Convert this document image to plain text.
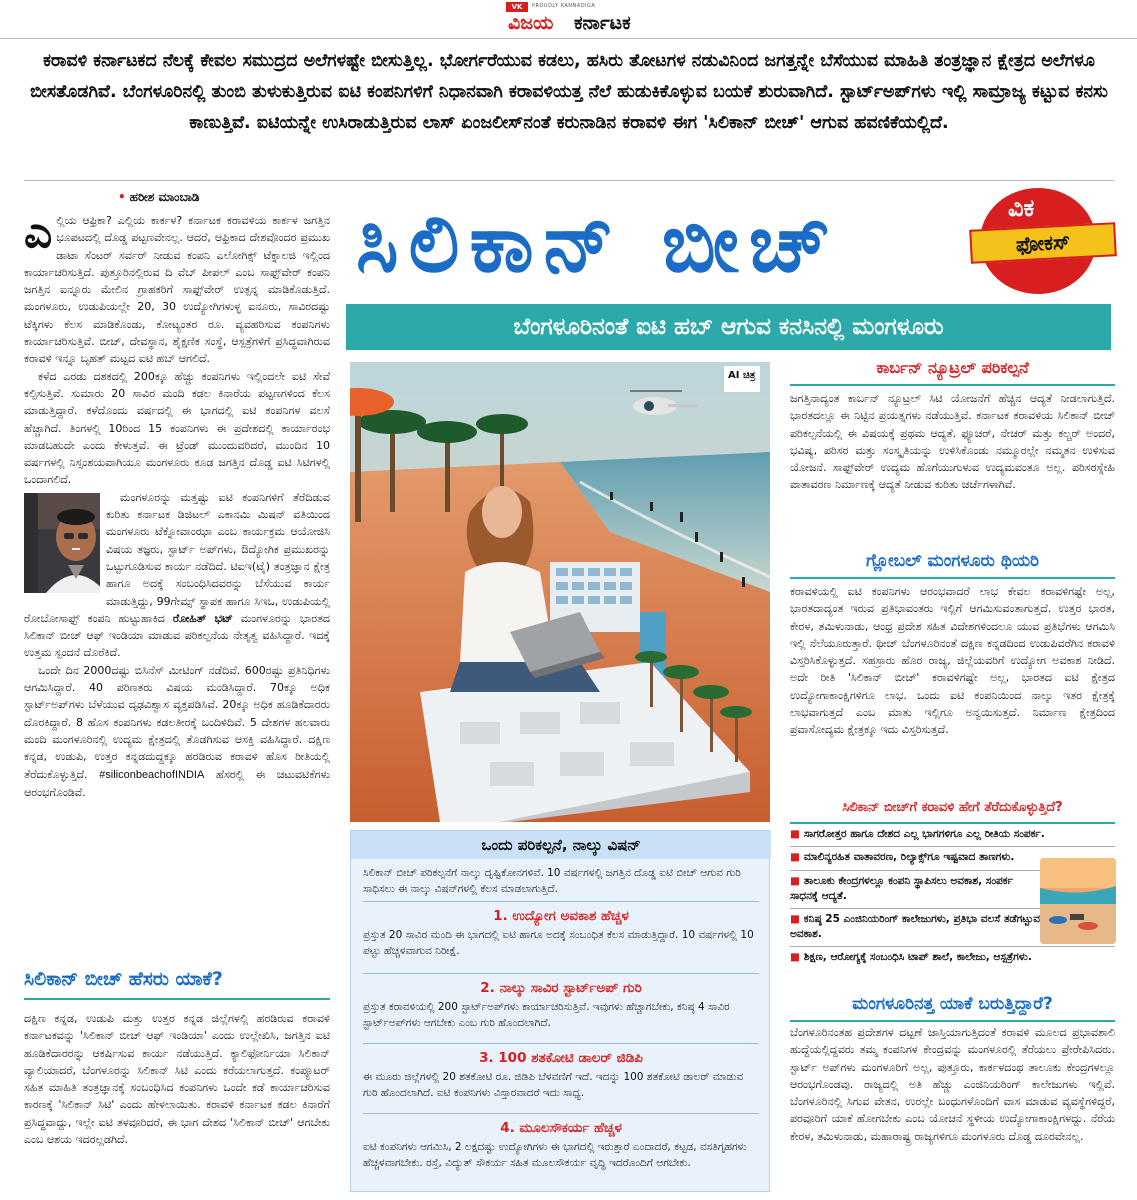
VK	PROUDLY KANNADIGA
ವಿಜಯ ಕರ್ನಾಟಕ
ಕರಾವಳಿ ಕರ್ನಾಟಕದ ನೆಲಕ್ಕೆ ಕೇವಲ ಸಮುದ್ರದ ಅಲೆಗಳಷ್ಟೇ ಬೀಸುತ್ತಿಲ್ಲ. ಭೋರ್ಗರೆಯುವ ಕಡಲು, ಹಸಿರು ತೋಟಗಳ ನಡುವಿನಿಂದ ಜಗತ್ತನ್ನೇ ಬೆಸೆಯುವ ಮಾಹಿತಿ ತಂತ್ರಜ್ಞಾನ ಕ್ಷೇತ್ರದ ಅಲೆಗಳೂ ಬೀಸತೊಡಗಿವೆ. ಬೆಂಗಳೂರಿನಲ್ಲಿ ತುಂಬಿ ತುಳುಕುತ್ತಿರುವ ಐಟಿ ಕಂಪನಿಗಳಿಗೆ ನಿಧಾನವಾಗಿ ಕರಾವಳಿಯತ್ತ ನೆಲೆ ಹುಡುಕಿಕೊಳ್ಳುವ ಬಯಕೆ ಶುರುವಾಗಿದೆ. ಸ್ಟಾರ್ಟ್‌ಅಪ್‌ಗಳು ಇಲ್ಲಿ ಸಾಮ್ರಾಜ್ಯ ಕಟ್ಟುವ ಕನಸು ಕಾಣುತ್ತಿವೆ. ಐಟಿಯನ್ನೇ ಉಸಿರಾಡುತ್ತಿರುವ ಲಾಸ್ ಏಂಜಲೀಸ್‌ನಂತೆ ಕರುನಾಡಿನ ಕರಾವಳಿ ಈಗ 'ಸಿಲಿಕಾನ್ ಬೀಚ್' ಆಗುವ ಹವಣಿಕೆಯಲ್ಲಿದೆ.
• ಹರೀಶ ಮಾಂಬಾಡಿ

ಎಲ್ಲಿಯ ಆಫ್ರಿಕಾ? ಎಲ್ಲಿಯ ಕಾರ್ಕಳ? ಕರ್ನಾಟಕ ಕರಾವಳಿಯ ಕಾರ್ಕಳ ಜಗತ್ತಿನ ಭೂಪಟದಲ್ಲಿ ದೊಡ್ಡ ಪಟ್ಟಣವೇನಲ್ಲ. ಆದರೆ, ಆಫ್ರಿಕಾದ ದೇಶವೊಂದರ ಪ್ರಮುಖ ಡಾಟಾ ಸೆಂಟರ್ ಸರ್ವರ್ ನೀಡುವ ಕಂಪನಿ ಎಲೋಗಿಕ್ಸ್ ಟೆಕ್ನಾಲಜಿ ಇಲ್ಲಿಂದ ಕಾರ್ಯಾಚರಿಸುತ್ತಿದೆ. ಪುತ್ತೂರಿನಲ್ಲಿರುವ ದಿ ವೆಬ್ ಪೀಪಲ್ ಎಂಬ ಸಾಫ್ಟ್‌ವೇರ್ ಕಂಪನಿ ಜಗತ್ತಿನ ಐನ್ನೂರು ಮೇಲಿನ ಗ್ರಾಹಕರಿಗೆ ಸಾಫ್ಟ್‌ವೇರ್ ಉತ್ಪನ್ನ ಮಾಡಿಕೊಡುತ್ತಿದೆ. ಮಂಗಳೂರು, ಉಡುಪಿಯಲ್ಲೇ 20, 30 ಉದ್ಯೋಗಿಗಳುಳ್ಳ ಐನೂರು, ಸಾವಿರದಷ್ಟು ಟೆಕ್ಕಿಗಳು ಕೆಲಸ ಮಾಡಿಕೊಂಡು, ಕೋಟ್ಯಂತರ ರೂ. ವ್ಯವಹರಿಸುವ ಕಂಪನಿಗಳು ಕಾರ್ಯಾಚರಿಸುತ್ತಿವೆ. ಬೀಚ್, ದೇವಸ್ಥಾನ, ಶೈಕ್ಷಣಿಕ ಸಂಸ್ಥೆ, ಆಸ್ಪತ್ರೆಗಳಿಗೆ ಪ್ರಸಿದ್ಧವಾಗಿರುವ ಕರಾವಳಿ ಇನ್ನೂ ಬೃಹತ್ ಮಟ್ಟದ ಐಟಿ ಹಬ್ ಆಗಲಿದೆ.

ಕಳೆದ ಎರಡು ದಶಕದಲ್ಲಿ 200ಕ್ಕೂ ಹೆಚ್ಚು ಕಂಪನಿಗಳು ಇಲ್ಲಿಂದಲೇ ಐಟಿ ಸೇವೆ ಕಲ್ಪಿಸುತ್ತಿವೆ. ಸುಮಾರು 20 ಸಾವಿರ ಮಂದಿ ಕಡಲ ಕಿನಾರೆಯ ಪಟ್ಟಣಗಳಿಂದ ಕೆಲಸ ಮಾಡುತ್ತಿದ್ದಾರೆ. ಕಳೆದೊಂದು ವರ್ಷದಲ್ಲಿ ಈ ಭಾಗದಲ್ಲಿ ಐಟಿ ಕಂಪನಿಗಳ ವಲಸೆ ಹೆಚ್ಚಾಗಿದೆ. ತಿಂಗಳಲ್ಲಿ 10ರಿಂದ 15 ಕಂಪನಿಗಳು ಈ ಪ್ರದೇಶದಲ್ಲಿ ಕಾರ್ಯಾರಂಭ ಮಾಡಬಹುದೇ ಎಂದು ಕೇಳುತ್ತವೆ. ಈ ಟ್ರೆಂಡ್ ಮುಂದುವರಿದರೆ, ಮುಂದಿನ 10 ವರ್ಷಗಳಲ್ಲಿ ನಿಸ್ಸಂಶಯವಾಗಿಯೂ ಮಂಗಳೂರು ಕೂಡ ಜಗತ್ತಿನ ದೊಡ್ಡ ಐಟಿ ಸಿಟಿಗಳಲ್ಲಿ ಒಂದಾಗಲಿದೆ.

ಮಂಗಳೂರನ್ನು ಮತ್ತಷ್ಟು ಐಟಿ ಕಂಪನಿಗಳಿಗೆ ತೆರೆದಿಡುವ ಕುರಿತು ಕರ್ನಾಟಕ ಡಿಜಿಟಲ್ ಎಕಾನಮಿ ಮಿಷನ್ ವತಿಯಿಂದ ಮಂಗಳೂರು ಟೆಕ್ನೋವಾಂಝಾ ಎಂಬ ಕಾರ್ಯಕ್ರಮ ಆಯೋಜಿಸಿ ವಿಷಯ ತಜ್ಞರು, ಸ್ಟಾರ್ಟ್ ಅಪ್‌ಗಳು, ಔದ್ಯೋಗಿಕ ಪ್ರಮುಖರನ್ನು ಒಟ್ಟುಗೂಡಿಸುವ ಕಾರ್ಯ ನಡೆದಿದೆ. ಟಿಐಇ(ಟೈ) ತಂತ್ರಜ್ಞಾನ ಕ್ಷೇತ್ರ ಹಾಗೂ ಅದಕ್ಕೆ ಸಂಬಂಧಿಸಿದವರನ್ನು ಬೆಸೆಯುವ ಕಾರ್ಯ ಮಾಡುತ್ತಿದ್ದು, 99ಗೇಮ್ಸ್ ಸ್ಥಾಪಕ ಹಾಗೂ ಸಿಇಒ, ಉಡುಪಿಯಲ್ಲಿ ರೋಬೋಸಾಫ್ಟ್ ಕಂಪನಿ ಹುಟ್ಟುಹಾಕಿದ ರೋಹಿತ್ ಭಟ್ ಮಂಗಳೂರನ್ನು ಭಾರತದ ಸಿಲಿಕಾನ್ ಬೀಚ್ ಆಫ್ ಇಂಡಿಯಾ ಮಾಡುವ ಪರಿಕಲ್ಪನೆಯ ನೇತೃತ್ವ ವಹಿಸಿದ್ದಾರೆ. ಇದಕ್ಕೆ ಉತ್ತಮ ಸ್ಪಂದನೆ ದೊರೆಕಿದೆ.

ಒಂದೇ ದಿನ 2000ದಷ್ಟು ಬಿಸಿನೆಸ್ ಮೀಟಿಂಗ್ ನಡೆದಿವೆ. 600ರಷ್ಟು ಪ್ರತಿನಿಧಿಗಳು ಆಗಮಿಸಿದ್ದಾರೆ. 40 ಪರಿಣತರು ವಿಷಯ ಮಂಡಿಸಿದ್ದಾರೆ. 70ಕ್ಕೂ ಅಧಿಕ ಸ್ಟಾರ್ಟ್‌ಅಪ್‌ಗಳು ಬೆಳೆಯುವ ದೃಢವಿಶ್ವಾಸ ವ್ಯಕ್ತಪಡಿಸಿವೆ. 20ಕ್ಕೂ ಅಧಿಕ ಹೂಡಿಕೆದಾರರು ದೊರಕಿದ್ದಾರೆ. 8 ಹೊಸ ಕಂಪನಿಗಳು ಕಡಲತೀರಕ್ಕೆ ಬಂದಿಳಿದಿವೆ. 5 ದೇಶಗಳ ಹಲವಾರು ಮಂದಿ ಮಂಗಳೂರಿನಲ್ಲಿ ಉದ್ಯಮ ಕ್ಷೇತ್ರದಲ್ಲಿ ತೊಡಗಿಸುವ ಆಸಕ್ತಿ ವಹಿಸಿದ್ದಾರೆ. ದಕ್ಷಿಣ ಕನ್ನಡ, ಉಡುಪಿ, ಉತ್ತರ ಕನ್ನಡದುದ್ದಕ್ಕೂ ಹರಡಿರುವ ಕರಾವಳಿ ಹೊಸ ರೀತಿಯಲ್ಲಿ ತೆರೆದುಕೊಳ್ಳುತ್ತಿದೆ. #siliconbeachofINDIA ಹೆಸರಲ್ಲಿ ಈ ಚಟುವಟಿಕೆಗಳು ಆರಂಭಗೊಂಡಿವೆ.

ಸಿಲಿಕಾನ್ ಬೀಚ್ ಹೆಸರು ಯಾಕೆ?
ದಕ್ಷಿಣ ಕನ್ನಡ, ಉಡುಪಿ ಮತ್ತು ಉತ್ತರ ಕನ್ನಡ ಜಿಲ್ಲೆಗಳಲ್ಲಿ ಹರಡಿರುವ ಕರಾವಳಿ ಕರ್ನಾಟಕವನ್ನು 'ಸಿಲಿಕಾನ್ ಬೀಚ್ ಆಫ್ ಇಂಡಿಯಾ' ಎಂದು ಉಲ್ಲೇಖಿಸಿ, ಜಗತ್ತಿನ ಐಟಿ ಹೂಡಿಕೆದಾರರನ್ನು ಆಕರ್ಷಿಸುವ ಕಾರ್ಯ ನಡೆಯುತ್ತಿದೆ. ಕ್ಯಾಲಿಫೋರ್ನಿಯಾ ಸಿಲಿಕಾನ್ ವ್ಯಾಲಿಯಾದರೆ, ಬೆಂಗಳೂರನ್ನು ಸಿಲಿಕಾನ್ ಸಿಟಿ ಎಂದು ಕರೆಯಲಾಗುತ್ತದೆ. ಕಂಪ್ಯೂಟರ್ ಸಹಿತ ಮಾಹಿತಿ ತಂತ್ರಜ್ಞಾನಕ್ಕೆ ಸಂಬಂಧಿಸಿದ ಕಂಪನಿಗಳು ಒಂದೇ ಕಡೆ ಕಾರ್ಯಾಚರಿಸುವ ಕಾರಣಕ್ಕೆ 'ಸಿಲಿಕಾನ್ ಸಿಟಿ' ಎಂದು ಹೇಳಲಾಯಿತು. ಕರಾವಳಿ ಕರ್ನಾಟಕ ಕಡಲ ಕಿನಾರೆಗೆ ಪ್ರಸಿದ್ಧವಾದ್ದು, ಇಲ್ಲೇ ಐಟಿ ತಳವೂರಿದರೆ, ಈ ಭಾಗ ದೇಶದ 'ಸಿಲಿಕಾನ್ ಬೀಚ್' ಆಗಬೇಕು ಎಂಬ ಆಶಯ ಇದರಲ್ಲಡಗಿದೆ.
ಸಿಲಿಕಾನ್ ಬೀಚ್	ವಿಕ
ಫೋಕಸ್
ಬೆಂಗಳೂರಿನಂತೆ ಐಟಿ ಹಬ್ ಆಗುವ ಕನಸಿನಲ್ಲಿ ಮಂಗಳೂರು
AI ಚಿತ್ರ	ಕಾರ್ಬನ್ ನ್ಯೂಟ್ರಲ್ ಪರಿಕಲ್ಪನೆ
ಜಗತ್ತಿನಾದ್ಯಂತ ಕಾರ್ಬನ್ ನ್ಯೂಟ್ರಲ್ ಸಿಟಿ ಯೋಜನೆಗೆ ಹೆಚ್ಚಿನ ಆದ್ಯತೆ ನೀಡಲಾಗುತ್ತಿದೆ. ಭಾರತದಲ್ಲೂ ಈ ನಿಟ್ಟಿನ ಪ್ರಯತ್ನಗಳು ನಡೆಯುತ್ತಿವೆ. ಕರ್ನಾಟಕ ಕರಾವಳಿಯ ಸಿಲಿಕಾನ್ ಬೀಚ್ ಪರಿಕಲ್ಪನೆಯಲ್ಲಿ ಈ ವಿಷಯಕ್ಕೆ ಪ್ರಥಮ ಆದ್ಯತೆ. ಫ್ಯೂಚರ್, ನೇಚರ್ ಮತ್ತು ಕಲ್ಚರ್ ಅಂದರೆ, ಭವಿಷ್ಯ, ಪರಿಸರ ಮತ್ತು ಸಂಸ್ಕೃತಿಯನ್ನು ಉಳಿಸಿಕೊಂಡು ನಮ್ಮೂರಲ್ಲೇ ನಮ್ಮತನ ಉಳಿಸುವ ಯೋಜನೆ. ಸಾಫ್ಟ್‌ವೇರ್ ಉದ್ಯಮ ಹೊಗೆಯುಗುಳುವ ಉದ್ಯಮವಂತೂ ಅಲ್ಲ. ಪರಿಸರಸ್ನೇಹಿ ವಾತಾವರಣ ನಿರ್ಮಾಣಕ್ಕೆ ಆದ್ಯತೆ ನೀಡುವ ಕುರಿತು ಚರ್ಚೆಗಳಾಗಿವೆ.
ಗ್ಲೋಬಲ್ ಮಂಗಳೂರು ಥಿಯರಿ
ಕರಾವಳಿಯಲ್ಲಿ ಐಟಿ ಕಂಪನಿಗಳು ಆರಂಭವಾದರೆ ಲಾಭ ಕೇವಲ ಕರಾವಳಿಗಷ್ಟೇ ಅಲ್ಲ, ಭಾರತದಾದ್ಯಂತ ಇರುವ ಪ್ರತಿಭಾವಂತರು ಇಲ್ಲಿಗೆ ಆಗಮಿಸುವಂತಾಗುತ್ತದೆ. ಉತ್ತರ ಭಾರತ, ಕೇರಳ, ತಮಿಳುನಾಡು, ಆಂಧ್ರ ಪ್ರದೇಶ ಸಹಿತ ವಿದೇಶಗಳಿಂದಲೂ ಯುವ ಪ್ರತಿಭೆಗಳು ಆಗಮಿಸಿ ಇಲ್ಲಿ ನೆಲೆಯೂರುತ್ತಾರೆ. ಥೀಚ್ ಬೆಂಗಳೂರಿನಂತೆ ದಕ್ಷಿಣ ಕನ್ನಡದಿಂದ ಉಡುಪಿವರೆಗಿನ ಕರಾವಳಿ ವಿಸ್ತರಿಸಿಕೊಳ್ಳುತ್ತದೆ. ಸಹಸ್ರಾರು ಹೊರ ರಾಜ್ಯ, ಜಿಲ್ಲೆಯವರಿಗೆ ಉದ್ಯೋಗ ಅವಕಾಶ ನೀಡಿದೆ. ಅದೇ ರೀತಿ 'ಸಿಲಿಕಾನ್ ಬೀಚ್' ಕರಾವಳಿಗಷ್ಟೇ ಅಲ್ಲ, ಭಾರತದ ಐಟಿ ಕ್ಷೇತ್ರದ ಉದ್ಯೋಗಾಕಾಂಕ್ಷಿಗಳಿಗೂ ಲಾಭ. ಒಂದು ಐಟಿ ಕಂಪನಿಯಿಂದ ನಾಲ್ಕು ಇತರ ಕ್ಷೇತ್ರಕ್ಕೆ ಲಾಭವಾಗುತ್ತದೆ ಎಂಬ ಮಾತು ಇಲ್ಲಿಗೂ ಅನ್ವಯಿಸುತ್ತದೆ. ನಿರ್ಮಾಣ ಕ್ಷೇತ್ರದಿಂದ ಪ್ರವಾಸೋದ್ಯಮ ಕ್ಷೇತ್ರಕ್ಕೂ ಇದು ವಿಸ್ತರಿಸುತ್ತದೆ.
ಸಿಲಿಕಾನ್ ಬೀಚ್‌ಗೆ ಕರಾವಳಿ ಹೇಗೆ ತೆರೆದುಕೊಳ್ಳುತ್ತಿದೆ?
■ ಸಾಗರೋತ್ತರ ಹಾಗೂ ದೇಶದ ಎಲ್ಲ ಭಾಗಗಳಿಗೂ ಎಲ್ಲ ರೀತಿಯ ಸಂಪರ್ಕ.
■ ಮಾಲಿನ್ಯರಹಿತ ವಾತಾವರಣ, ರಿಲ್ಯಾಕ್ಸ್‌ಗೂ ಇಷ್ಟವಾದ ತಾಣಗಳು.
■ ತಾಲೂಕು ಕೇಂದ್ರಗಳಲ್ಲೂ ಕಂಪನಿ ಸ್ಥಾಪಿಸಲು ಅವಕಾಶ, ಸಂಪರ್ಕ ಸಾಧನಕ್ಕೆ ಆದ್ಯತೆ.
■ ಕನಿಷ್ಠ 25 ಎಂಜಿನಿಯರಿಂಗ್ ಕಾಲೇಜುಗಳು, ಪ್ರತಿಭಾ ವಲಸೆ ತಡೆಗಟ್ಟುವ ಅವಕಾಶ.
■ ಶಿಕ್ಷಣ, ಆರೋಗ್ಯಕ್ಕೆ ಸಂಬಂಧಿಸಿ ಟಾಪ್ ಶಾಲೆ, ಕಾಲೇಜು, ಆಸ್ಪತ್ರೆಗಳು.
ಮಂಗಳೂರಿನತ್ತ ಯಾಕೆ ಬರುತ್ತಿದ್ದಾರೆ?
ಬೆಂಗಳೂರಿನಂತಹ ಪ್ರದೇಶಗಳ ದಟ್ಟಣೆ ಜಾಸ್ತಿಯಾಗುತ್ತಿದಂತೆ ಕರಾವಳಿ ಮೂಲದ ಪ್ರಭಾವಶಾಲಿ ಹುದ್ದೆಯಲ್ಲಿದ್ದವರು ತಮ್ಮ ಕಂಪನಿಗಳ ಕೇಂದ್ರವನ್ನು ಮಂಗಳೂರಲ್ಲಿ ತೆರೆಯಲು ಪ್ರೇರೇಪಿಸಿದರು. ಸ್ಟಾರ್ಟ್ ಅಪ್‌ಗಳು ಮಂಗಳೂರಿಗೆ ಅಲ್ಲ, ಪುತ್ತೂರು, ಕಾರ್ಕಳದಂಥ ತಾಲೂಕು ಕೇಂದ್ರಗಳಲ್ಲೂ ಆರಂಭಗೊಂಡವು. ರಾಜ್ಯದಲ್ಲಿ ಅತಿ ಹೆಚ್ಚು ಎಂಜಿನಿಯರಿಂಗ್ ಕಾಲೇಜುಗಳು ಇಲ್ಲಿವೆ. ಬೆಂಗಳೂರಿನಲ್ಲಿ ಸಿಗುವ ವೇತನ, ಉರಲ್ಲೇ ಬಂಧುಗಳೊಂದಿಗೆ ವಾಸ ಮಾಡುವ ವ್ಯವಸ್ಥೆಗಳಿದ್ದರೆ, ಪರವೂರಿಗೆ ಯಾಕೆ ಹೋಗಬೇಕು ಎಂಬ ಯೋಚನೆ ಸ್ಥಳೀಯ ಉದ್ಯೋಗಾಕಾಂಕ್ಷಿಗಳದ್ದು. ನೆರೆಯ ಕೇರಳ, ತಮಿಳುನಾಡು, ಮಹಾರಾಷ್ಟ್ರ ರಾಜ್ಯಗಳಿಗೂ ಮಂಗಳೂರು ದೊಡ್ಡ ದೂರವೇನಲ್ಲ.
ಒಂದು ಪರಿಕಲ್ಪನೆ, ನಾಲ್ಕು ವಿಷನ್
ಸಿಲಿಕಾನ್ ಬೀಚ್ ಪರಿಕಲ್ಪನೆಗೆ ನಾಲ್ಕು ದೃಷ್ಟಿಕೋನಗಳಿವೆ. 10 ವರ್ಷಗಳಲ್ಲಿ ಜಗತ್ತಿನ ದೊಡ್ಡ ಐಟಿ ಬೀಚ್ ಆಗುವ ಗುರಿ ಸಾಧಿಸಲು ಈ ನಾಲ್ಕು ವಿಷನ್‌ಗಳಲ್ಲಿ ಕೆಲಸ ಮಾಡಲಾಗುತ್ತಿದೆ.
1. ಉದ್ಯೋಗ ಅವಕಾಶ ಹೆಚ್ಚಳ
ಪ್ರಸ್ತುತ 20 ಸಾವಿರ ಮಂದಿ ಈ ಭಾಗದಲ್ಲಿ ಐಟಿ ಹಾಗೂ ಅದಕ್ಕೆ ಸಂಬಂಧಿತ ಕೆಲಸ ಮಾಡುತ್ತಿದ್ದಾರೆ. 10 ವರ್ಷಗಳಲ್ಲಿ 10 ಪಟ್ಟು ಹೆಚ್ಚಳವಾಗುವ ನಿರೀಕ್ಷೆ.
2. ನಾಲ್ಕು ಸಾವಿರ ಸ್ಟಾರ್ಟ್‌ಅಪ್ ಗುರಿ
ಪ್ರಸ್ತುತ ಕರಾವಳಿಯಲ್ಲಿ 200 ಸ್ಟಾರ್ಟ್‌ಅಪ್‌ಗಳು ಕಾರ್ಯಾಚರಿಸುತ್ತಿವೆ. ಇವುಗಳು ಹೆಚ್ಚಾಗಬೇಕು, ಕನಿಷ್ಠ 4 ಸಾವಿರ ಸ್ಟಾರ್ಟ್‌ಅಪ್‌ಗಳು ಆಗಬೇಕು ಎಂಬ ಗುರಿ ಹೊಂದಲಾಗಿದೆ.
3. 100 ಶತಕೋಟಿ ಡಾಲರ್ ಜಿಡಿಪಿ
ಈ ಮೂರು ಜಿಲ್ಲೆಗಳಲ್ಲಿ 20 ಶತಕೋಟಿ ರೂ. ಜಿಡಿಪಿ ಬೆಳವಣಿಗೆ ಇದೆ. ಇದನ್ನು 100 ಶತಕೋಟಿ ಡಾಲರ್ ಮಾಡುವ ಗುರಿ ಹೊಂದಲಾಗಿದೆ. ಐಟಿ ಕಂಪನಿಗಳು ವಿಸ್ತಾರವಾದರೆ ಇದು ಸಾಧ್ಯ.
4. ಮೂಲಸೌಕರ್ಯ ಹೆಚ್ಚಳ
ಐಟಿ ಕಂಪನಿಗಳು ಆಗಮಿಸಿ, 2 ಲಕ್ಷದಷ್ಟು ಉದ್ಯೋಗಿಗಳು ಈ ಭಾಗದಲ್ಲಿ ಇರುತ್ತಾರೆ ಎಂದಾದರೆ, ಕಟ್ಟಡ, ವಸತಿಗೃಹಗಳು ಹೆಚ್ಚಳವಾಗಬೇಕು. ರಸ್ತೆ, ವಿದ್ಯುತ್ ಸೌಕರ್ಯ ಸಹಿತ ಮೂಲಸೌಕರ್ಯ ವೃದ್ಧಿ ಇದರೊಂದಿಗೆ ಆಗಬೇಕು.
